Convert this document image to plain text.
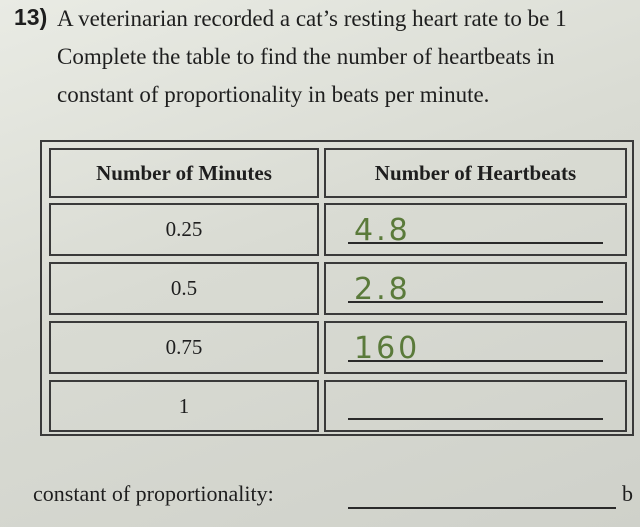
13) A veterinarian recorded a cat’s resting heart rate to be 1
Complete the table to find the number of heartbeats in
constant of proportionality in beats per minute.
Number of Minutes	Number of Heartbeats
0.25	4.8
0.5	2.8
0.75	160
1
constant of proportionality:	b
